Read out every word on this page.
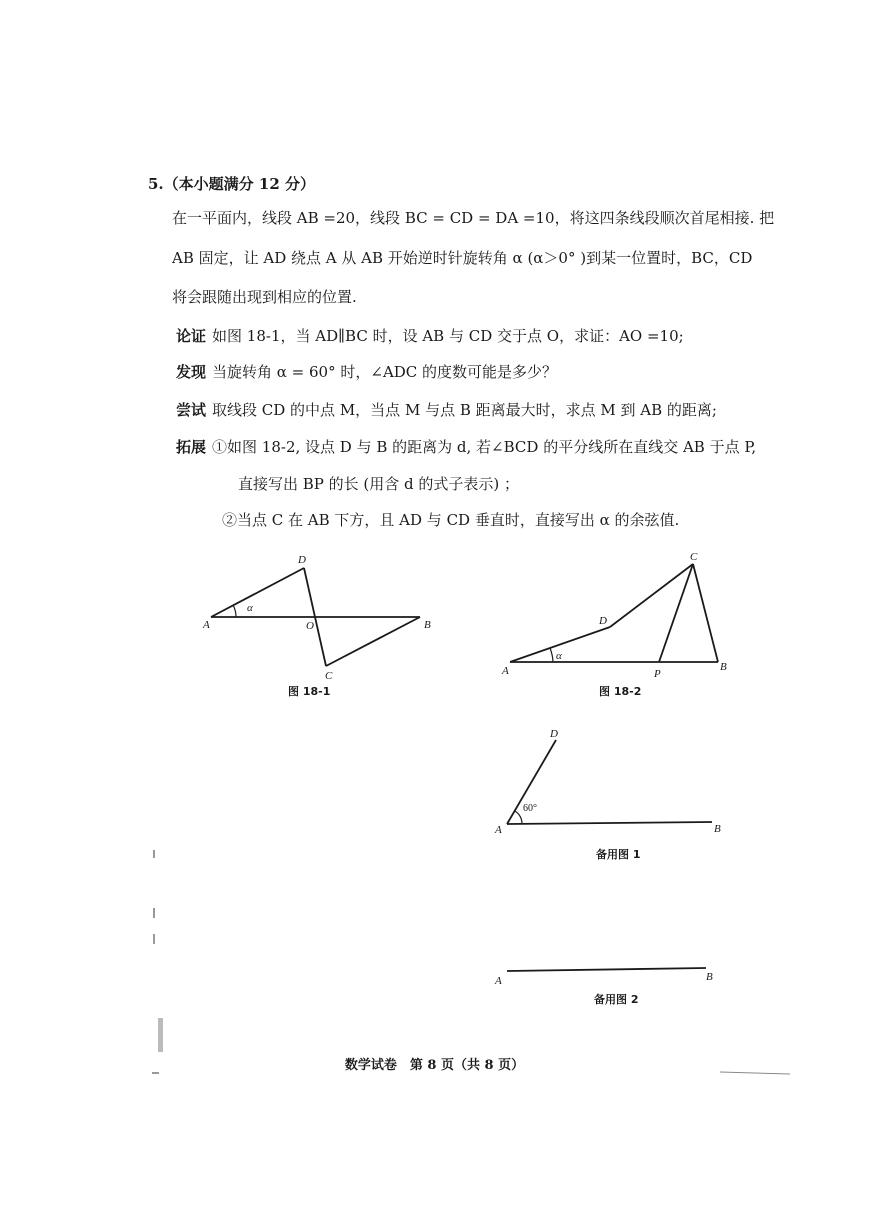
5.（本小题满分 12 分）
在一平面内，线段 AB =20，线段 BC = CD = DA =10，将这四条线段顺次首尾相接. 把
AB 固定，让 AD 绕点 A 从 AB 开始逆时针旋转角 α (α＞0° )到某一位置时，BC，CD
将会跟随出现到相应的位置.
论证 如图 18-1，当 AD∥BC 时，设 AB 与 CD 交于点 O，求证：AO =10;
发现 当旋转角 α = 60° 时，∠ADC 的度数可能是多少？
尝试 取线段 CD 的中点 M，当点 M 与点 B 距离最大时，求点 M 到 AB 的距离;
拓展 ①如图 18-2, 设点 D 与 B 的距离为 d, 若∠BCD 的平分线所在直线交 AB 于点 P,
直接写出 BP 的长 (用含 d 的式子表示) ；
②当点 C 在 AB 下方，且 AD 与 CD 垂直时，直接写出 α 的余弦值.
A	B
C
D
O
α
A	B
C
D
P
α
A	B
D
60°
A	B
图 18-1	图 18-2
备用图 1
备用图 2
数学试卷　第 8 页（共 8 页）
